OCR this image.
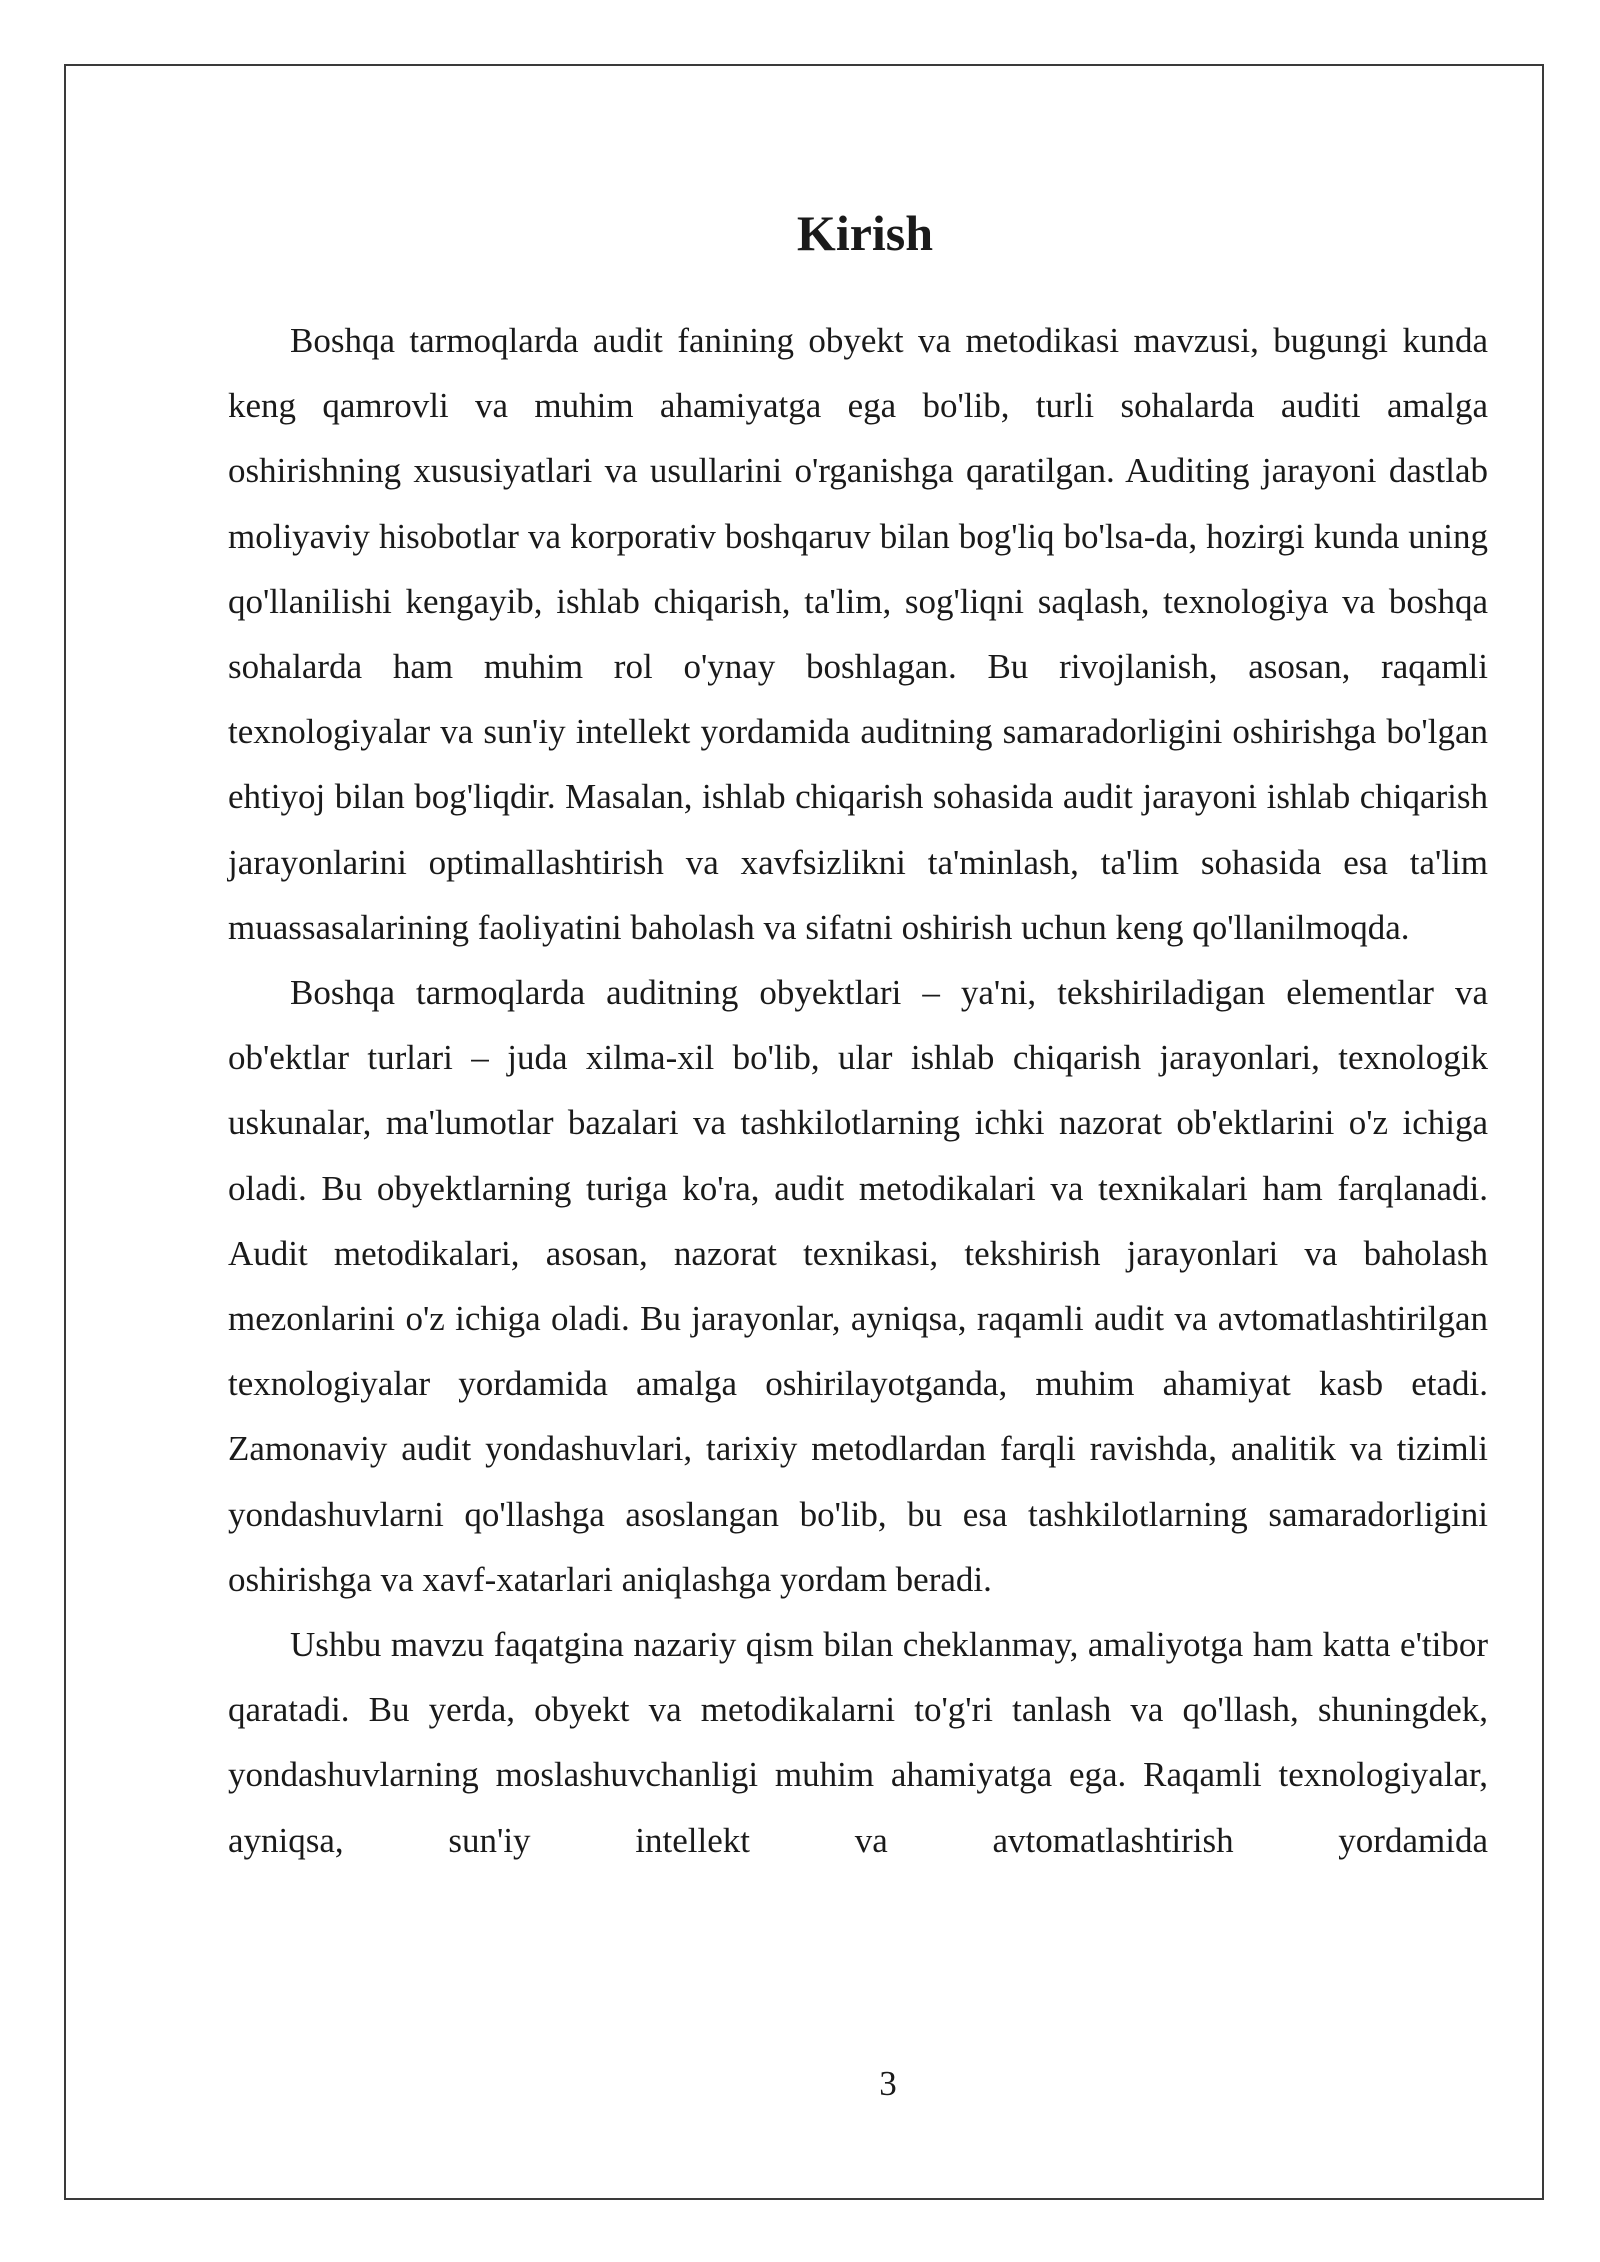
Kirish

Boshqa tarmoqlarda audit fanining obyekt va metodikasi mavzusi, bugungi kunda keng qamrovli va muhim ahamiyatga ega bo'lib, turli sohalarda auditi amalga oshirishning xususiyatlari va usullarini o'rganishga qaratilgan. Auditing jarayoni dastlab moliyaviy hisobotlar va korporativ boshqaruv bilan bog'liq bo'lsa-da, hozirgi kunda uning qo'llanilishi kengayib, ishlab chiqarish, ta'lim, sog'liqni saqlash, texnologiya va boshqa sohalarda ham muhim rol o'ynay boshlagan. Bu rivojlanish, asosan, raqamli texnologiyalar va sun'iy intellekt yordamida auditning samaradorligini oshirishga bo'lgan ehtiyoj bilan bog'liqdir. Masalan, ishlab chiqarish sohasida audit jarayoni ishlab chiqarish jarayonlarini optimallashtirish va xavfsizlikni ta'minlash, ta'lim sohasida esa ta'lim muassasalarining faoliyatini baholash va sifatni oshirish uchun keng qo'llanilmoqda.

Boshqa tarmoqlarda auditning obyektlari – ya'ni, tekshiriladigan elementlar va ob'ektlar turlari – juda xilma-xil bo'lib, ular ishlab chiqarish jarayonlari, texnologik uskunalar, ma'lumotlar bazalari va tashkilotlarning ichki nazorat ob'ektlarini o'z ichiga oladi. Bu obyektlarning turiga ko'ra, audit metodikalari va texnikalari ham farqlanadi. Audit metodikalari, asosan, nazorat texnikasi, tekshirish jarayonlari va baholash mezonlarini o'z ichiga oladi. Bu jarayonlar, ayniqsa, raqamli audit va avtomatlashtirilgan texnologiyalar yordamida amalga oshirilayotganda, muhim ahamiyat kasb etadi. Zamonaviy audit yondashuvlari, tarixiy metodlardan farqli ravishda, analitik va tizimli yondashuvlarni qo'llashga asoslangan bo'lib, bu esa tashkilotlarning samaradorligini oshirishga va xavf-xatarlari aniqlashga yordam beradi.

Ushbu mavzu faqatgina nazariy qism bilan cheklanmay, amaliyotga ham katta e'tibor qaratadi. Bu yerda, obyekt va metodikalarni to'g'ri tanlash va qo'llash, shuningdek, yondashuvlarning moslashuvchanligi muhim ahamiyatga ega. Raqamli texnologiyalar, ayniqsa, sun'iy intellekt va avtomatlashtirish yordamida

3
